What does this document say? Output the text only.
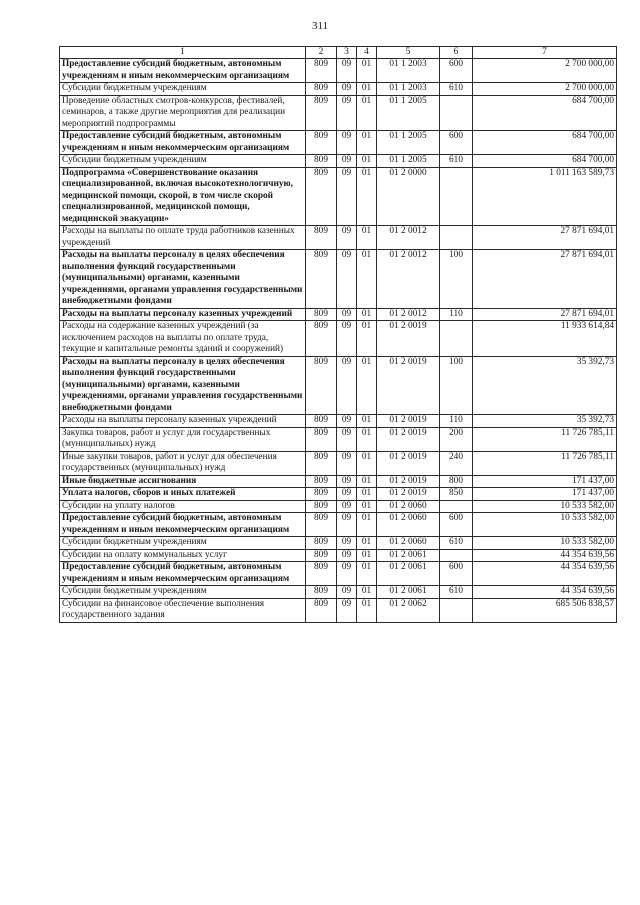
311
1	2	3	4	5	6	7
Предоставление субсидий бюджетным, автономным учреждениям и иным некоммерческим организациям	809	09	01	01 1 2003	600	2 700 000,00
Субсидии бюджетным учреждениям	809	09	01	01 1 2003	610	2 700 000,00
Проведение областных смотров-конкурсов, фестивалей, семинаров, а также другие мероприятия для реализации мероприятий подпрограммы	809	09	01	01 1 2005		684 700,00
Предоставление субсидий бюджетным, автономным учреждениям и иным некоммерческим организациям	809	09	01	01 1 2005	600	684 700,00
Субсидии бюджетным учреждениям	809	09	01	01 1 2005	610	684 700,00
Подпрограмма «Совершенствование оказания специализированной, включая высокотехнологичную, медицинской помощи, скорой, в том числе скорой специализированной, медицинской помощи, медицинской эвакуации»	809	09	01	01 2 0000		1 011 163 589,73
Расходы на выплаты по оплате труда работников казенных учреждений	809	09	01	01 2 0012		27 871 694,01
Расходы на выплаты персоналу в целях обеспечения выполнения функций государственными (муниципальными) органами, казенными учреждениями, органами управления государственными внебюджетными фондами	809	09	01	01 2 0012	100	27 871 694,01
Расходы на выплаты персоналу казенных учреждений	809	09	01	01 2 0012	110	27 871 694,01
Расходы на содержание казенных учреждений (за исключением расходов на выплаты по оплате труда, текущие и капитальные ремонты зданий и сооружений)	809	09	01	01 2 0019		11 933 614,84
Расходы на выплаты персоналу в целях обеспечения выполнения функций государственными (муниципальными) органами, казенными учреждениями, органами управления государственными внебюджетными фондами	809	09	01	01 2 0019	100	35 392,73
Расходы на выплаты персоналу казенных учреждений	809	09	01	01 2 0019	110	35 392,73
Закупка товаров, работ и услуг для государственных (муниципальных) нужд	809	09	01	01 2 0019	200	11 726 785,11
Иные закупки товаров, работ и услуг для обеспечения государственных (муниципальных) нужд	809	09	01	01 2 0019	240	11 726 785,11
Иные бюджетные ассигнования	809	09	01	01 2 0019	800	171 437,00
Уплата налогов, сборов и иных платежей	809	09	01	01 2 0019	850	171 437,00
Субсидии на уплату налогов	809	09	01	01 2 0060		10 533 582,00
Предоставление субсидий бюджетным, автономным учреждениям и иным некоммерческим организациям	809	09	01	01 2 0060	600	10 533 582,00
Субсидии бюджетным учреждениям	809	09	01	01 2 0060	610	10 533 582,00
Субсидии на оплату коммунальных услуг	809	09	01	01 2 0061		44 354 639,56
Предоставление субсидий бюджетным, автономным учреждениям и иным некоммерческим организациям	809	09	01	01 2 0061	600	44 354 639,56
Субсидии бюджетным учреждениям	809	09	01	01 2 0061	610	44 354 639,56
Субсидии на финансовое обеспечение выполнения государственного задания	809	09	01	01 2 0062		685 506 838,57
